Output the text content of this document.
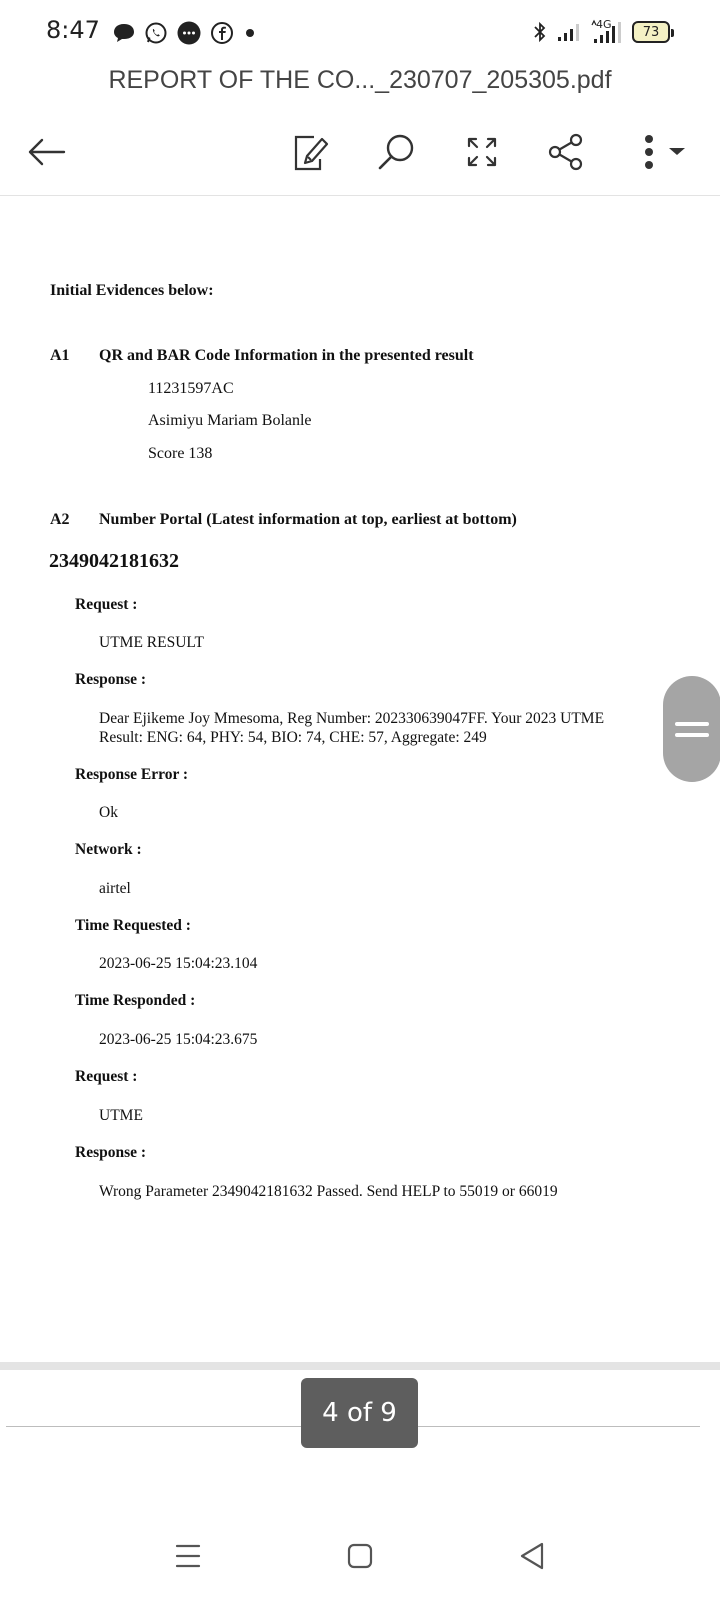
8:47	4G	73
REPORT OF THE CO..._230707_205305.pdf
Initial Evidences below:
A1 QR and BAR Code Information in the presented result
11231597AC
Asimiyu Mariam Bolanle
Score 138
A2 Number Portal (Latest information at top, earliest at bottom)
2349042181632
Request :
UTME RESULT
Response :
Dear Ejikeme Joy Mmesoma, Reg Number: 202330639047FF. Your 2023 UTME Result: ENG: 64, PHY: 54, BIO: 74, CHE: 57, Aggregate: 249
Response Error :
Ok
Network :
airtel
Time Requested :
2023-06-25 15:04:23.104
Time Responded :
2023-06-25 15:04:23.675
Request :
UTME
Response :
Wrong Parameter 2349042181632 Passed. Send HELP to 55019 or 66019
4 of 9
